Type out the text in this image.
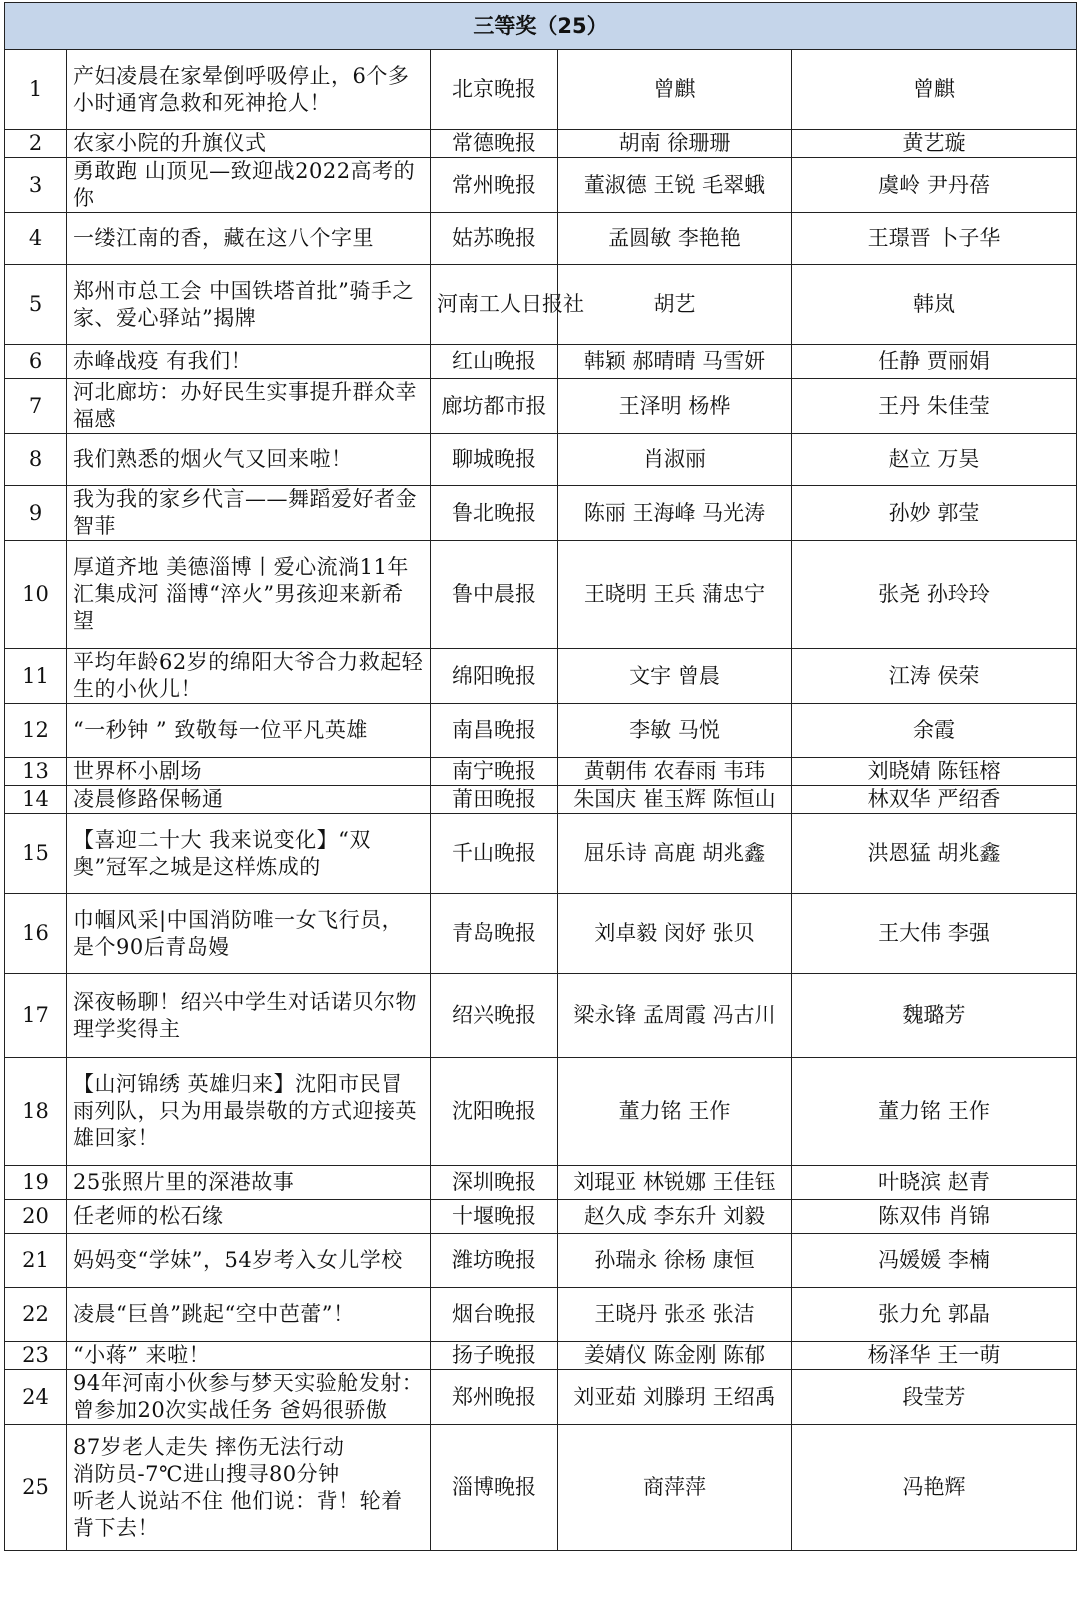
三等奖（25）				
1	产妇凌晨在家晕倒呼吸停止，6个多小时通宵急救和死神抢人！	北京晚报	曾麒	曾麒
2	农家小院的升旗仪式	常德晚报	胡南 徐珊珊	黄艺璇
3	勇敢跑 山顶见—致迎战2022高考的你	常州晚报	董淑德 王锐 毛翠蛾	虞岭 尹丹蓓
4	一缕江南的香，藏在这八个字里	姑苏晚报	孟圆敏 李艳艳	王璟晋 卜子华
5	郑州市总工会 中国铁塔首批”骑手之家、爱心驿站”揭牌	河南工人日报社	胡艺	韩岚
6	赤峰战疫 有我们！	红山晚报	韩颖 郝晴晴 马雪妍	任静 贾丽娟
7	河北廊坊：办好民生实事提升群众幸福感	廊坊都市报	王泽明 杨桦	王丹 朱佳莹
8	我们熟悉的烟火气又回来啦！	聊城晚报	肖淑丽	赵立 万昊
9	我为我的家乡代言——舞蹈爱好者金智菲	鲁北晚报	陈丽 王海峰 马光涛	孙妙 郭莹
10	厚道齐地 美德淄博丨爱心流淌11年汇集成河 淄博“淬火”男孩迎来新希望	鲁中晨报	王晓明 王兵 蒲忠宁	张尧 孙玲玲
11	平均年龄62岁的绵阳大爷合力救起轻生的小伙儿！	绵阳晚报	文宇 曾晨	江涛 侯荣
12	“一秒钟 ” 致敬每一位平凡英雄	南昌晚报	李敏 马悦	余霞
13	世界杯小剧场	南宁晚报	黄朝伟 农春雨 韦玮	刘晓婧 陈钰榕
14	凌晨修路保畅通	莆田晚报	朱国庆 崔玉辉 陈恒山	林双华 严绍香
15	【喜迎二十大 我来说变化】“双奥”冠军之城是这样炼成的	千山晚报	屈乐诗 高鹿 胡兆鑫	洪恩猛 胡兆鑫
16	巾帼风采|中国消防唯一女飞行员，是个90后青岛嫚	青岛晚报	刘卓毅 闵妤 张贝	王大伟 李强
17	深夜畅聊！绍兴中学生对话诺贝尔物理学奖得主	绍兴晚报	梁永锋 孟周霞 冯古川	魏璐芳
18	【山河锦绣 英雄归来】沈阳市民冒雨列队，只为用最崇敬的方式迎接英雄回家！	沈阳晚报	董力铭 王作	董力铭 王作
19	25张照片里的深港故事	深圳晚报	刘琨亚 林锐娜 王佳钰	叶晓滨 赵青
20	任老师的松石缘	十堰晚报	赵久成 李东升 刘毅	陈双伟 肖锦
21	妈妈变“学妹”，54岁考入女儿学校	潍坊晚报	孙瑞永 徐杨 康恒	冯媛媛 李楠
22	凌晨“巨兽”跳起“空中芭蕾”！	烟台晚报	王晓丹 张丞 张洁	张力允 郭晶
23	“小蒋” 来啦！	扬子晚报	姜婧仪 陈金刚 陈郁	杨泽华 王一萌
24	94年河南小伙参与梦天实验舱发射：曾参加20次实战任务 爸妈很骄傲	郑州晚报	刘亚茹 刘滕玥 王绍禹	段莹芳
25	87岁老人走失 摔伤无法行动
消防员-7℃进山搜寻80分钟
听老人说站不住 他们说：背！轮着背下去！	淄博晚报	商萍萍	冯艳辉
